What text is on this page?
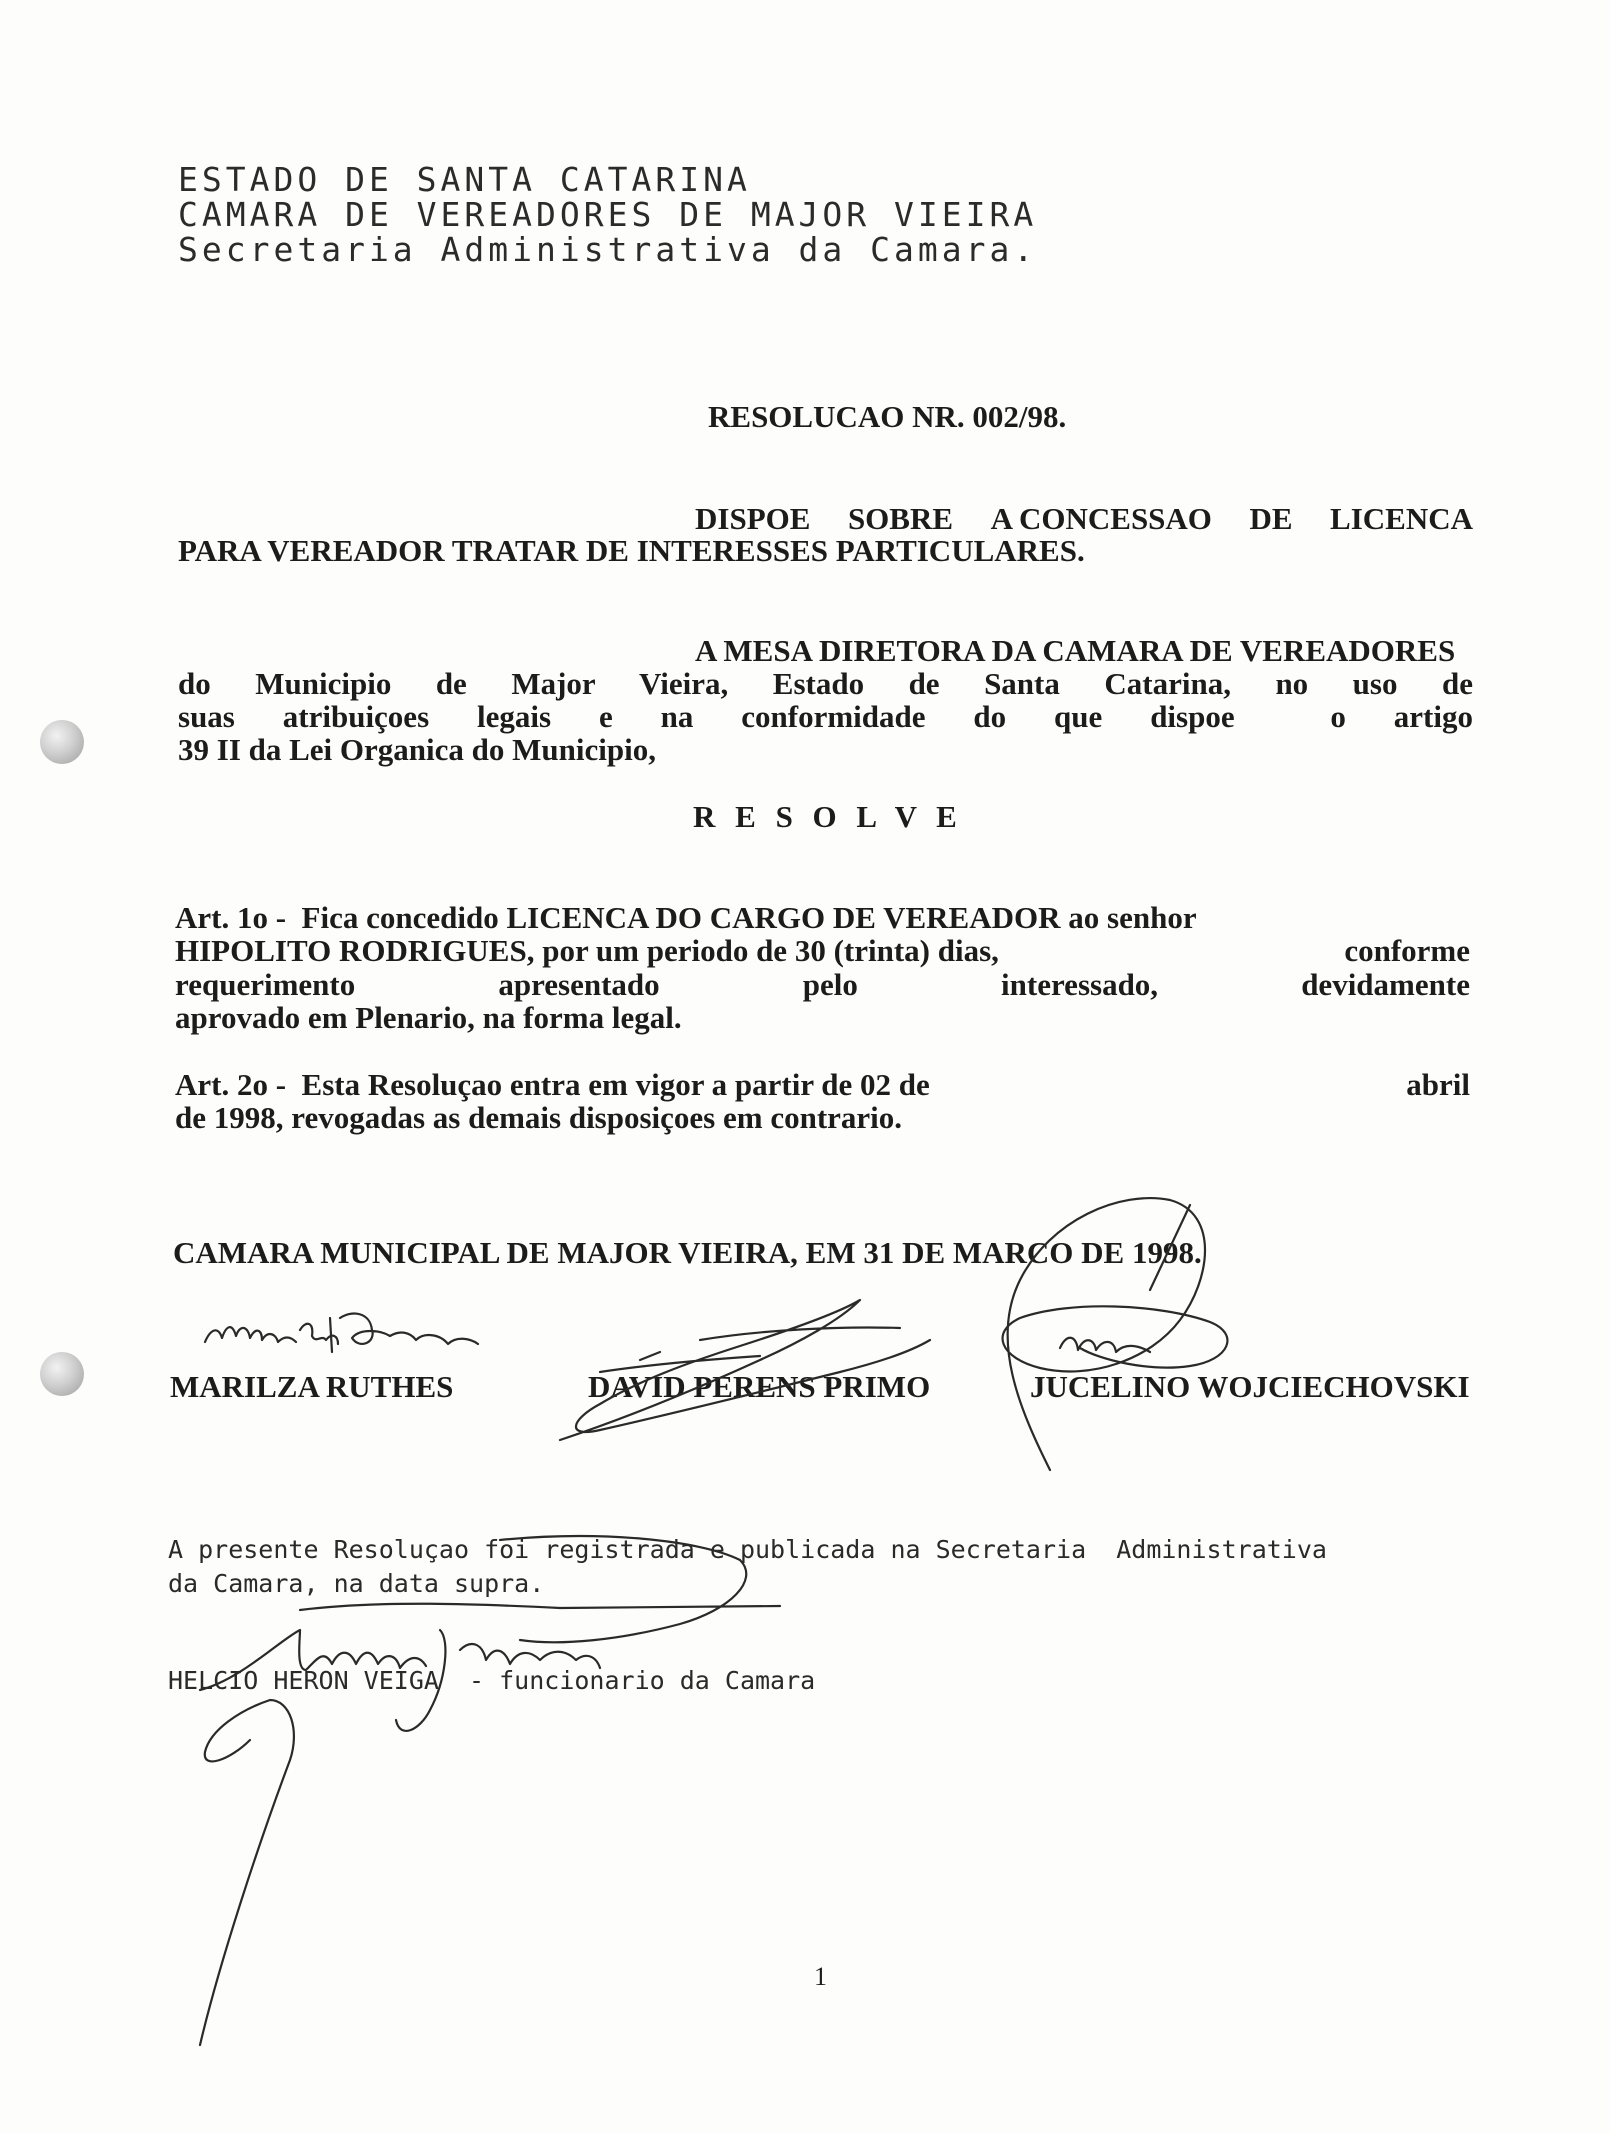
ESTADO DE SANTA CATARINA
CAMARA DE VEREADORES DE MAJOR VIEIRA
Secretaria Administrativa da Camara.
RESOLUCAO NR. 002/98.
DISPOE SOBRE A CONCESSAO DE LICENCA
PARA VEREADOR TRATAR DE INTERESSES PARTICULARES.
A MESA DIRETORA DA CAMARA DE VEREADORES
do Municipio de Major Vieira, Estado de Santa Catarina, no uso de
suas atribuiçoes legais e na conformidade do que dispoe  o artigo
39 II da Lei Organica do Municipio,
R E S O L V E
Art. 1o -  Fica concedido LICENCA DO CARGO DE VEREADOR ao senhor
HIPOLITO RODRIGUES, por um periodo de 30 (trinta) dias,	conforme
requerimento	apresentado	pelo	interessado,	devidamente
aprovado em Plenario, na forma legal.
Art. 2o -  Esta Resoluçao entra em vigor a partir de 02 de	abril
de 1998, revogadas as demais disposiçoes em contrario.
CAMARA MUNICIPAL DE MAJOR VIEIRA, EM 31 DE MARCO DE 1998.
MARILZA RUTHES	DAVID PERENS PRIMO	JUCELINO WOJCIECHOVSKI
A presente Resoluçao foi registrada e publicada na Secretaria  Administrativa
da Camara, na data supra.
HELCIO HERON VEIGA  - funcionario da Camara
1
